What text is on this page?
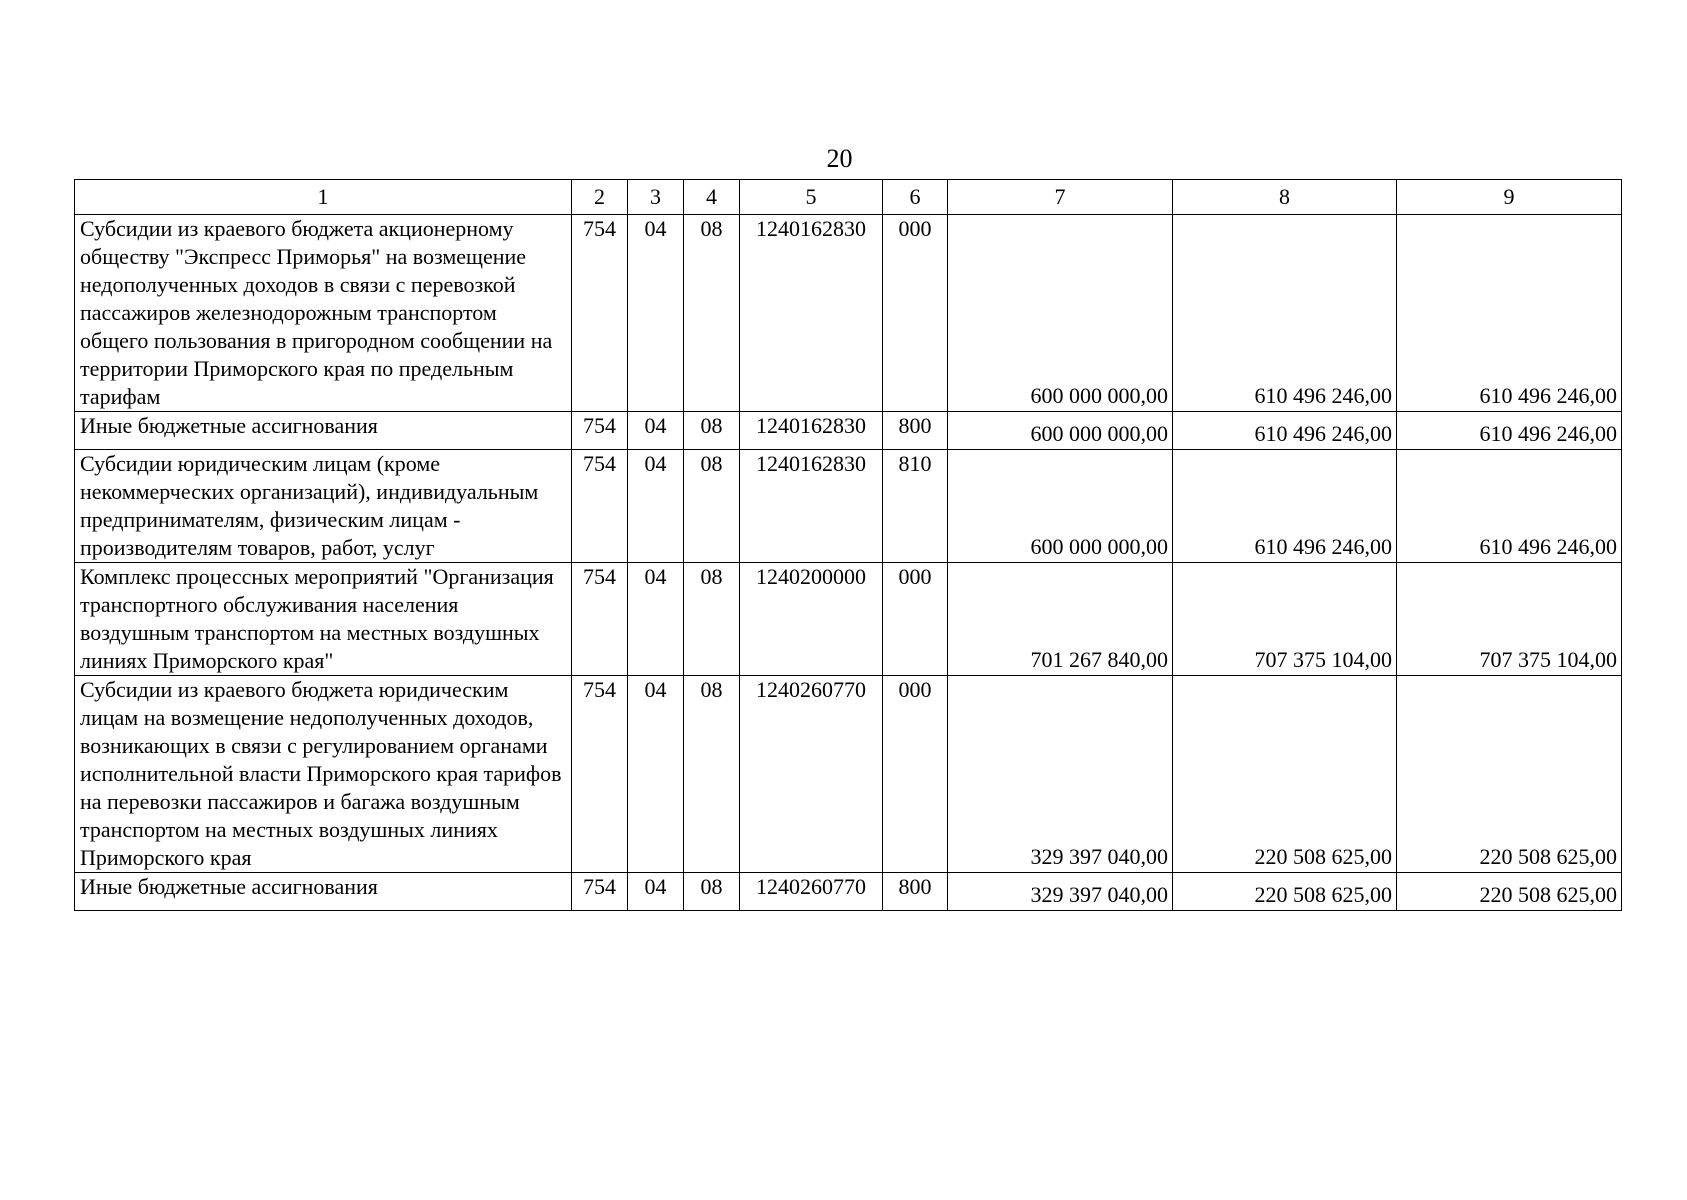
20
1	2	3	4	5	6	7	8	9
Субсидии из краевого бюджета акционерному обществу "Экспресс Приморья" на возмещение недополученных доходов в связи с перевозкой пассажиров железнодорожным транспортом общего пользования в пригородном сообщении на территории Приморского края по предельным тарифам	754	04	08	1240162830	000	600 000 000,00	610 496 246,00	610 496 246,00
Иные бюджетные ассигнования	754	04	08	1240162830	800	600 000 000,00	610 496 246,00	610 496 246,00
Субсидии юридическим лицам (кроме некоммерческих организаций), индивидуальным предпринимателям, физическим лицам - производителям товаров, работ, услуг	754	04	08	1240162830	810	600 000 000,00	610 496 246,00	610 496 246,00
Комплекс процессных мероприятий "Организация транспортного обслуживания населения воздушным транспортом на местных воздушных линиях Приморского края"	754	04	08	1240200000	000	701 267 840,00	707 375 104,00	707 375 104,00
Субсидии из краевого бюджета юридическим лицам на возмещение недополученных доходов, возникающих в связи с регулированием органами исполнительной власти Приморского края тарифов на перевозки пассажиров и багажа воздушным транспортом на местных воздушных линиях Приморского края	754	04	08	1240260770	000	329 397 040,00	220 508 625,00	220 508 625,00
Иные бюджетные ассигнования	754	04	08	1240260770	800	329 397 040,00	220 508 625,00	220 508 625,00
